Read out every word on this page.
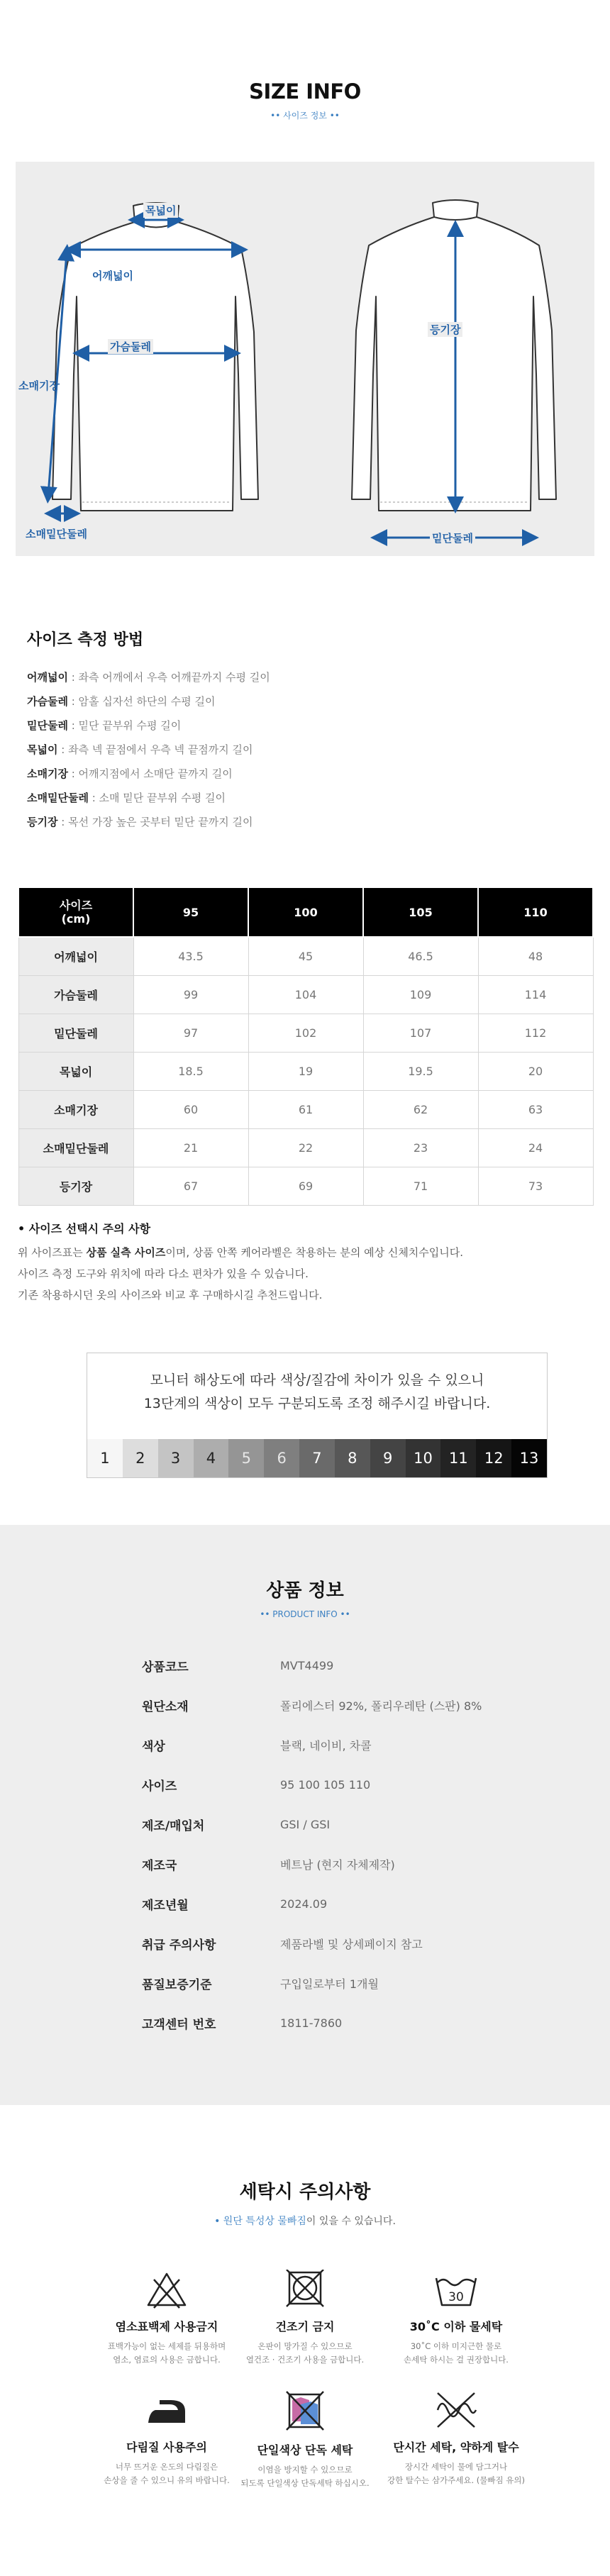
SIZE INFO
•• 사이즈 정보 ••
목넓이
어깨넓이
가슴둘레
소매기장
소매밑단둘레
등기장
밑단둘레
사이즈 측정 방법
어깨넓이 : 좌측 어깨에서 우측 어깨끝까지 수평 길이
가슴둘레 : 암홀 십자선 하단의 수평 길이
밑단둘레 : 밑단 끝부위 수평 길이
목넓이 : 좌측 넥 끝점에서 우측 넥 끝점까지 길이
소매기장 : 어깨지점에서 소매단 끝까지 길이
소매밑단둘레 : 소매 밑단 끝부위 수평 길이
등기장 : 목선 가장 높은 곳부터 밑단 끝까지 길이
사이즈
(cm)	95	100	105	110
어깨넓이	43.5	45	46.5	48
가슴둘레	99	104	109	114
밑단둘레	97	102	107	112
목넓이	18.5	19	19.5	20
소매기장	60	61	62	63
소매밑단둘레	21	22	23	24
등기장	67	69	71	73
• 사이즈 선택시 주의 사항
위 사이즈표는 상품 실측 사이즈이며, 상품 안쪽 케어라벨은 착용하는 분의 예상 신체치수입니다.
사이즈 측정 도구와 위치에 따라 다소 편차가 있을 수 있습니다.
기존 착용하시던 옷의 사이즈와 비교 후 구매하시길 추천드립니다.
모니터 해상도에 따라 색상/질감에 차이가 있을 수 있으니
13단계의 색상이 모두 구분되도록 조정 해주시길 바랍니다.
1	2	3	4	5	6	7	8	9	10	11	12	13
상품 정보
•• PRODUCT INFO ••
상품코드	MVT4499
원단소재	폴리에스터 92%, 폴리우레탄 (스판) 8%
색상	블랙, 네이비, 차콜
사이즈	95 100 105 110
제조/매입처	GSI / GSI
제조국	베트남 (현지 자체제작)
제조년월	2024.09
취급 주의사항	제품라벨 및 상세페이지 참고
품질보증기준	구입일로부터 1개월
고객센터 번호	1811-7860
세탁시 주의사항
• 원단 특성상 물빠짐이 있을 수 있습니다.
염소표백제 사용금지
표백가능이 없는 세제를 뒤용하며
염소, 염료의 사용은 금합니다.
건조기 금지
온판이 망가질 수 있으므로
열건조 · 건조기 사용을 금합니다.
30
30˚C 이하 물세탁
30˚C 이하 미지근한 물로
손세탁 하시는 걸 권장합니다.
다림질 사용주의
너무 뜨거운 온도의 다림질은
손상을 줄 수 있으니 유의 바랍니다.
단일색상 단독 세탁
이염을 방지할 수 있으므로
되도록 단일색상 단독세탁 하십시오.
단시간 세탁, 약하게 탈수
장시간 세탁이 물에 담그거나
강한 탈수는 삼가주세요. (물빠짐 유의)
